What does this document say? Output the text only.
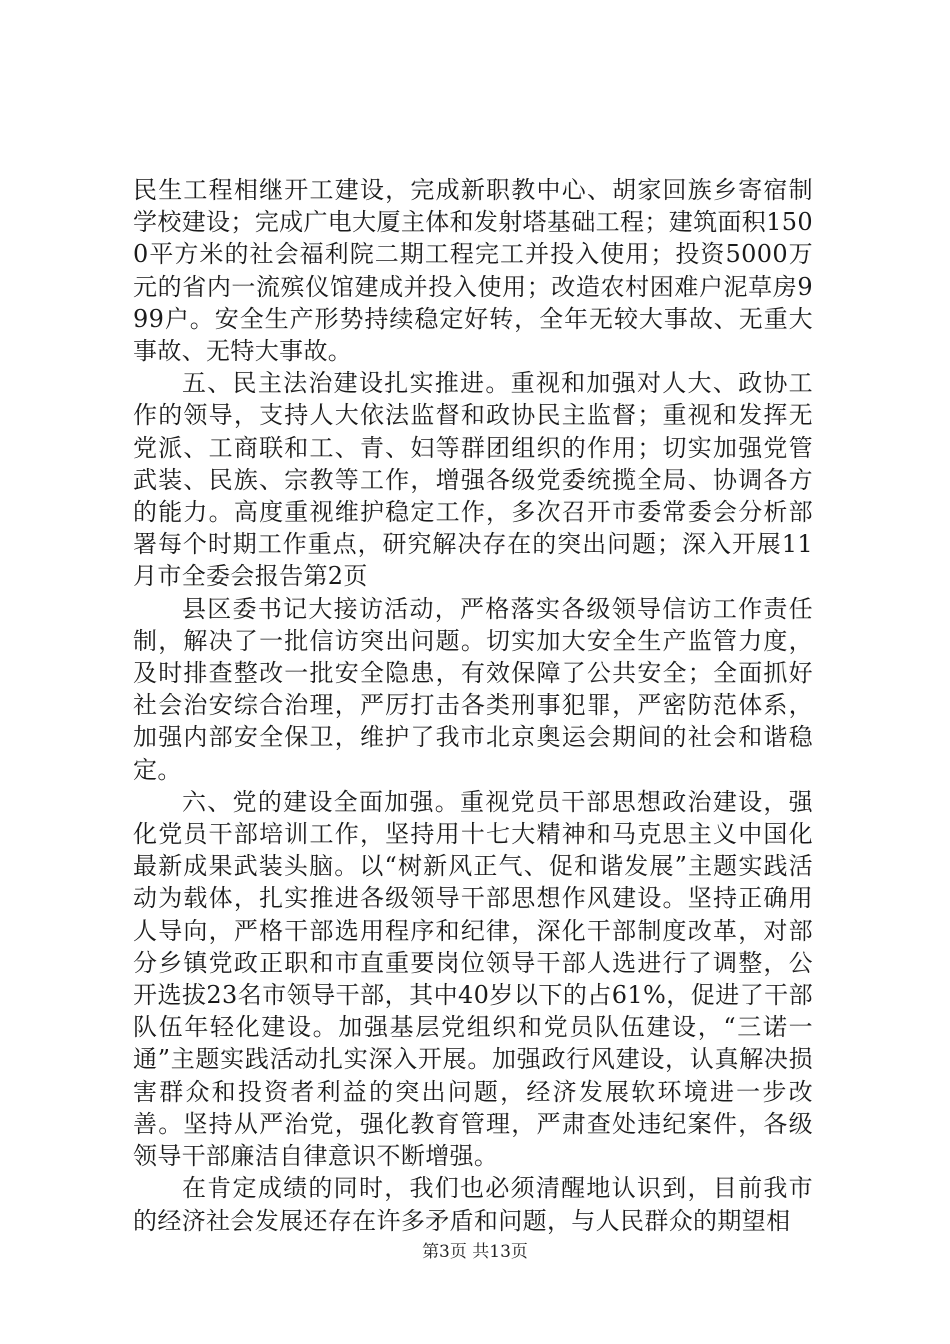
民生工程相继开工建设，完成新职教中心、胡家回族乡寄宿制学校建设；完成广电大厦主体和发射塔基础工程；建筑面积1500平方米的社会福利院二期工程完工并投入使用；投资5000万元的省内一流殡仪馆建成并投入使用；改造农村困难户泥草房999户。安全生产形势持续稳定好转，全年无较大事故、无重大事故、无特大事故。

五、民主法治建设扎实推进。重视和加强对人大、政协工作的领导，支持人大依法监督和政协民主监督；重视和发挥无党派、工商联和工、青、妇等群团组织的作用；切实加强党管武装、民族、宗教等工作，增强各级党委统揽全局、协调各方的能力。高度重视维护稳定工作，多次召开市委常委会分析部署每个时期工作重点，研究解决存在的突出问题；深入开展11月市全委会报告第2页

县区委书记大接访活动，严格落实各级领导信访工作责任制，解决了一批信访突出问题。切实加大安全生产监管力度，及时排查整改一批安全隐患，有效保障了公共安全；全面抓好社会治安综合治理，严厉打击各类刑事犯罪，严密防范体系，加强内部安全保卫，维护了我市北京奥运会期间的社会和谐稳定。

六、党的建设全面加强。重视党员干部思想政治建设，强化党员干部培训工作，坚持用十七大精神和马克思主义中国化最新成果武装头脑。以“树新风正气、促和谐发展”主题实践活动为载体，扎实推进各级领导干部思想作风建设。坚持正确用人导向，严格干部选用程序和纪律，深化干部制度改革，对部分乡镇党政正职和市直重要岗位领导干部人选进行了调整，公开选拔23名市领导干部，其中40岁以下的占61%，促进了干部队伍年轻化建设。加强基层党组织和党员队伍建设，“三诺一通”主题实践活动扎实深入开展。加强政行风建设，认真解决损害群众和投资者利益的突出问题，经济发展软环境进一步改善。坚持从严治党，强化教育管理，严肃查处违纪案件，各级领导干部廉洁自律意识不断增强。

在肯定成绩的同时，我们也必须清醒地认识到，目前我市的经济社会发展还存在许多矛盾和问题，与人民群众的期望相

第3页 共13页
